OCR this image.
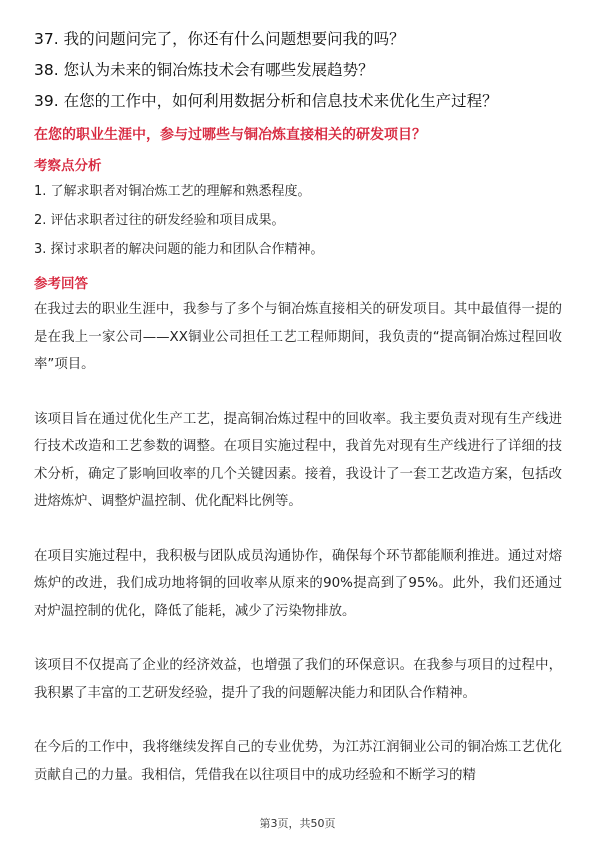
37. 我的问题问完了，你还有什么问题想要问我的吗？
38. 您认为未来的铜冶炼技术会有哪些发展趋势？
39. 在您的工作中，如何利用数据分析和信息技术来优化生产过程？
在您的职业生涯中，参与过哪些与铜冶炼直接相关的研发项目？
考察点分析
1. 了解求职者对铜冶炼工艺的理解和熟悉程度。
2. 评估求职者过往的研发经验和项目成果。
3. 探讨求职者的解决问题的能力和团队合作精神。
参考回答

在我过去的职业生涯中，我参与了多个与铜冶炼直接相关的研发项目。其中最值得一提的是在我上一家公司——XX铜业公司担任工艺工程师期间，我负责的“提高铜冶炼过程回收率”项目。

该项目旨在通过优化生产工艺，提高铜冶炼过程中的回收率。我主要负责对现有生产线进行技术改造和工艺参数的调整。在项目实施过程中，我首先对现有生产线进行了详细的技术分析，确定了影响回收率的几个关键因素。接着，我设计了一套工艺改造方案，包括改进熔炼炉、调整炉温控制、优化配料比例等。

在项目实施过程中，我积极与团队成员沟通协作，确保每个环节都能顺利推进。通过对熔炼炉的改进，我们成功地将铜的回收率从原来的90%提高到了95%。此外，我们还通过对炉温控制的优化，降低了能耗，减少了污染物排放。

该项目不仅提高了企业的经济效益，也增强了我们的环保意识。在我参与项目的过程中，我积累了丰富的工艺研发经验，提升了我的问题解决能力和团队合作精神。

在今后的工作中，我将继续发挥自己的专业优势，为江苏江润铜业公司的铜冶炼工艺优化贡献自己的力量。我相信，凭借我在以往项目中的成功经验和不断学习的精

第3页，共50页
